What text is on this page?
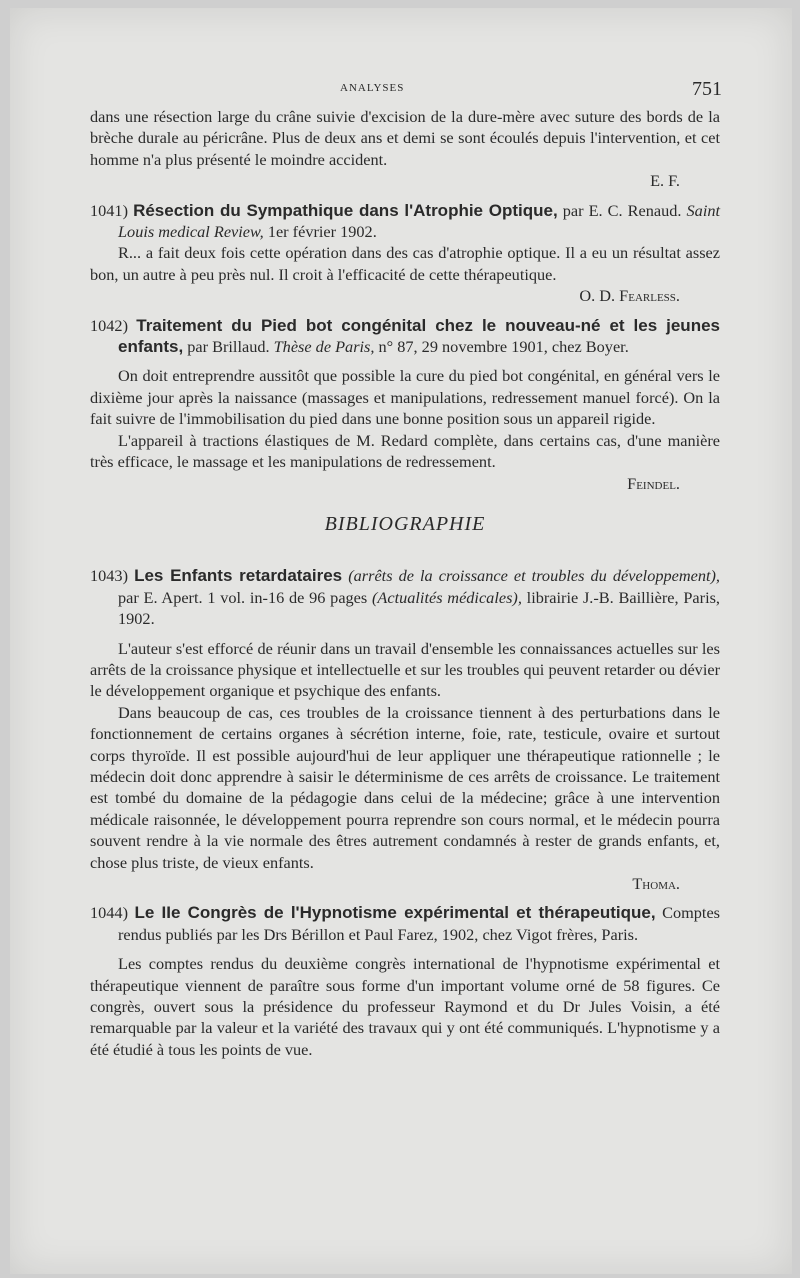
ANALYSES	751

dans une résection large du crâne suivie d'excision de la dure-mère avec suture des bords de la brèche durale au péricrâne. Plus de deux ans et demi se sont écoulés depuis l'intervention, et cet homme n'a plus présenté le moindre accident.

E. F.

1041) Résection du Sympathique dans l'Atrophie Optique, par E. C. Renaud. Saint Louis medical Review, 1er février 1902.

R... a fait deux fois cette opération dans des cas d'atrophie optique. Il a eu un résultat assez bon, un autre à peu près nul. Il croit à l'efficacité de cette thérapeutique.

O. D. Fearless.

1042) Traitement du Pied bot congénital chez le nouveau-né et les jeunes enfants, par Brillaud. Thèse de Paris, n° 87, 29 novembre 1901, chez Boyer.

On doit entreprendre aussitôt que possible la cure du pied bot congénital, en général vers le dixième jour après la naissance (massages et manipulations, redressement manuel forcé). On la fait suivre de l'immobilisation du pied dans une bonne position sous un appareil rigide.

L'appareil à tractions élastiques de M. Redard complète, dans certains cas, d'une manière très efficace, le massage et les manipulations de redressement.

Feindel.

BIBLIOGRAPHIE

1043) Les Enfants retardataires (arrêts de la croissance et troubles du développement), par E. Apert. 1 vol. in-16 de 96 pages (Actualités médicales), librairie J.-B. Baillière, Paris, 1902.

L'auteur s'est efforcé de réunir dans un travail d'ensemble les connaissances actuelles sur les arrêts de la croissance physique et intellectuelle et sur les troubles qui peuvent retarder ou dévier le développement organique et psychique des enfants.

Dans beaucoup de cas, ces troubles de la croissance tiennent à des perturbations dans le fonctionnement de certains organes à sécrétion interne, foie, rate, testicule, ovaire et surtout corps thyroïde. Il est possible aujourd'hui de leur appliquer une thérapeutique rationnelle ; le médecin doit donc apprendre à saisir le déterminisme de ces arrêts de croissance. Le traitement est tombé du domaine de la pédagogie dans celui de la médecine; grâce à une intervention médicale raisonnée, le développement pourra reprendre son cours normal, et le médecin pourra souvent rendre à la vie normale des êtres autrement condamnés à rester de grands enfants, et, chose plus triste, de vieux enfants.

Thoma.

1044) Le IIe Congrès de l'Hypnotisme expérimental et thérapeutique, Comptes rendus publiés par les Drs Bérillon et Paul Farez, 1902, chez Vigot frères, Paris.

Les comptes rendus du deuxième congrès international de l'hypnotisme expérimental et thérapeutique viennent de paraître sous forme d'un important volume orné de 58 figures. Ce congrès, ouvert sous la présidence du professeur Raymond et du Dr Jules Voisin, a été remarquable par la valeur et la variété des travaux qui y ont été communiqués. L'hypnotisme y a été étudié à tous les points de vue.
